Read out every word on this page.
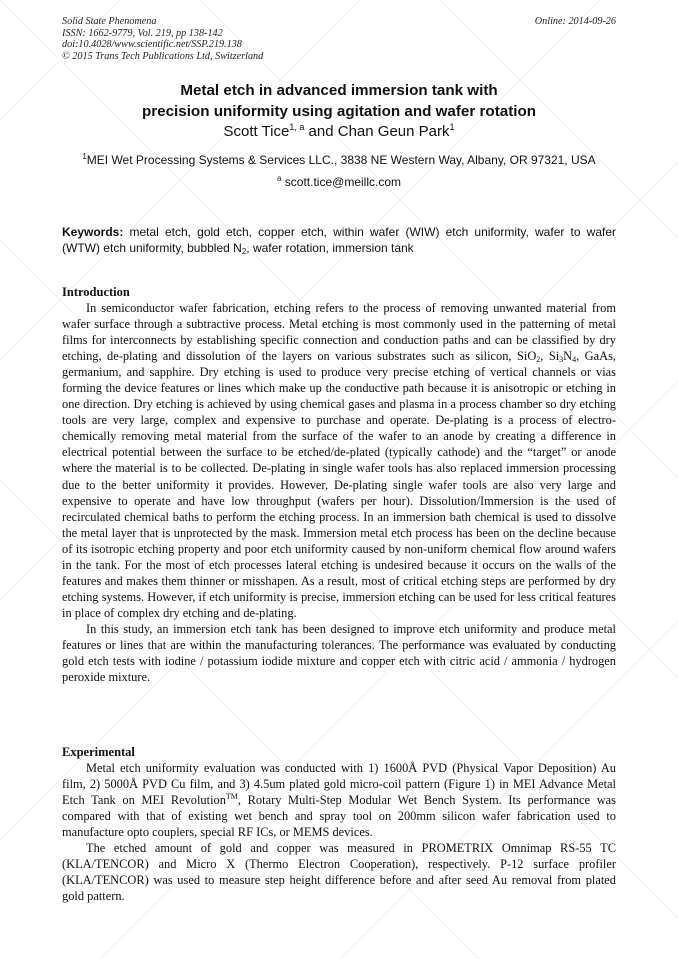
Solid State Phenomena
ISSN: 1662-9779, Vol. 219, pp 138-142
doi:10.4028/www.scientific.net/SSP.219.138
© 2015 Trans Tech Publications Ltd, Switzerland
Online: 2014-09-26
Metal etch in advanced immersion tank with
precision uniformity using agitation and wafer rotation
Scott Tice$^{1, a}$ and Chan Geun Park$^1$
$^1$MEI Wet Processing Systems & Services LLC., 3838 NE Western Way, Albany, OR 97321, USA
$^a$ scott.tice@meillc.com
Keywords: metal etch, gold etch, copper etch, within wafer (WIW) etch uniformity, wafer to wafer (WTW) etch uniformity, bubbled $N_2$, wafer rotation, immersion tank
Introduction

In semiconductor wafer fabrication, etching refers to the process of removing unwanted material from wafer surface through a subtractive process. Metal etching is most commonly used in the patterning of metal films for interconnects by establishing specific connection and conduction paths and can be classified by dry etching, de-plating and dissolution of the layers on various substrates such as silicon, SiO$_2$, $Si_3N_4$, GaAs, germanium, and sapphire. Dry etching is used to produce very precise etching of vertical channels or vias forming the device features or lines which make up the conductive path because it is anisotropic or etching in one direction. Dry etching is achieved by using chemical gases and plasma in a process chamber so dry etching tools are very large, complex and expensive to purchase and operate. De-plating is a process of electro-chemically removing metal material from the surface of the wafer to an anode by creating a difference in electrical potential between the surface to be etched/de-plated (typically cathode) and the “target” or anode where the material is to be collected. De-plating in single wafer tools has also replaced immersion processing due to the better uniformity it provides. However, De-plating single wafer tools are also very large and expensive to operate and have low throughput (wafers per hour). Dissolution/Immersion is the used of recirculated chemical baths to perform the etching process. In an immersion bath chemical is used to dissolve the metal layer that is unprotected by the mask. Immersion metal etch process has been on the decline because of its isotropic etching property and poor etch uniformity caused by non-uniform chemical flow around wafers in the tank. For the most of etch processes lateral etching is undesired because it occurs on the walls of the features and makes them thinner or misshapen. As a result, most of critical etching steps are performed by dry etching systems. However, if etch uniformity is precise, immersion etching can be used for less critical features in place of complex dry etching and de-plating.

In this study, an immersion etch tank has been designed to improve etch uniformity and produce metal features or lines that are within the manufacturing tolerances. The performance was evaluated by conducting gold etch tests with iodine / potassium iodide mixture and copper etch with citric acid / ammonia / hydrogen peroxide mixture.

Experimental

Metal etch uniformity evaluation was conducted with 1) 1600Å PVD (Physical Vapor Deposition) Au film, 2) 5000Å PVD Cu film, and 3) 4.5um plated gold micro-coil pattern (Figure 1) in MEI Advance Metal Etch Tank on MEI Revolution™, Rotary Multi-Step Modular Wet Bench System. Its performance was compared with that of existing wet bench and spray tool on 200mm silicon wafer fabrication used to manufacture opto couplers, special RF ICs, or MEMS devices.

The etched amount of gold and copper was measured in PROMETRIX Omnimap RS-55 TC (KLA/TENCOR) and Micro X (Thermo Electron Cooperation), respectively. P-12 surface profiler (KLA/TENCOR) was used to measure step height difference before and after seed Au removal from plated gold pattern.
